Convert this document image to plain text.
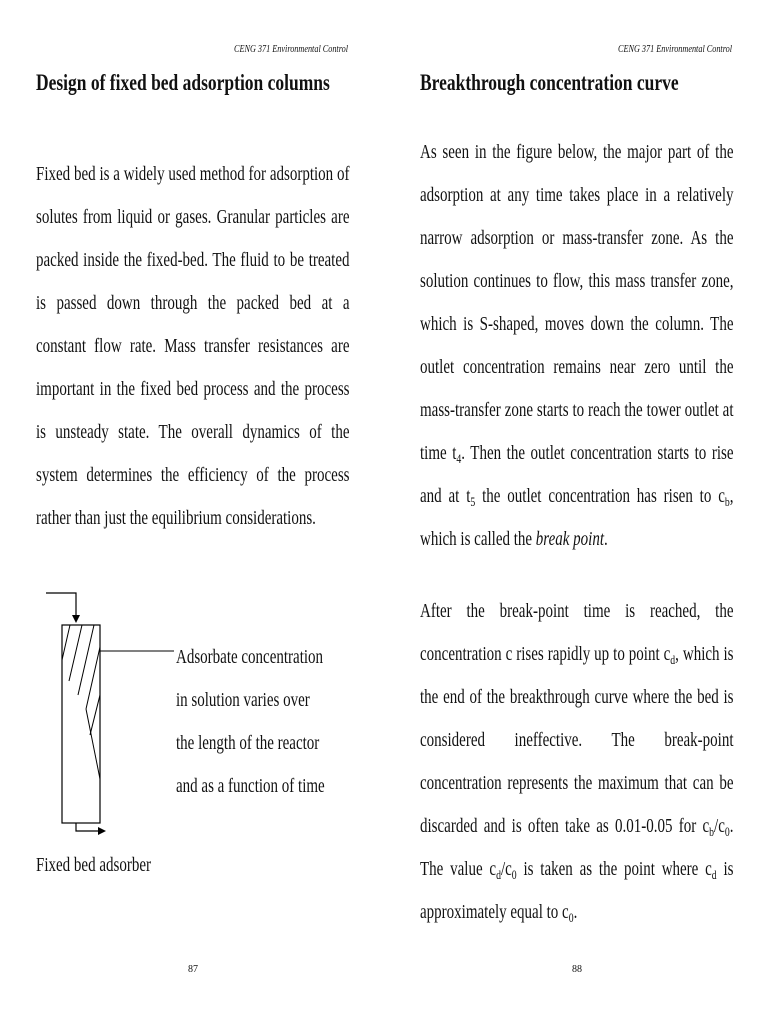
CENG 371 Environmental Control
Design of fixed bed adsorption columns

Fixed bed is a widely used method for adsorption of solutes from liquid or gases. Granular particles are packed inside the fixed-bed. The fluid to be treated is passed down through the packed bed at a constant flow rate. Mass transfer resistances are important in the fixed bed process and the process is unsteady state. The overall dynamics of the system determines the efficiency of the process rather than just the equilibrium considerations.

Adsorbate concentration
in solution varies over
the length of the reactor
and as a function of time
Fixed bed adsorber
87
CENG 371 Environmental Control
Breakthrough concentration curve

As seen in the figure below, the major part of the adsorption at any time takes place in a relatively narrow adsorption or mass-transfer zone. As the solution continues to flow, this mass transfer zone, which is S-shaped, moves down the column. The outlet concentration remains near zero until the mass-transfer zone starts to reach the tower outlet at time $t_4$. Then the outlet concentration starts to rise and at $t_5$ the outlet concentration has risen to $c_b$, which is called the break point.

After the break-point time is reached, the concentration c rises rapidly up to point $c_d$, which is the end of the breakthrough curve where the bed is considered ineffective. The break-point concentration represents the maximum that can be discarded and is often take as 0.01-0.05 for $c_b/c_0$. The value $c_d/c_0$ is taken as the point where $c_d$ is approximately equal to $c_0$.

88
